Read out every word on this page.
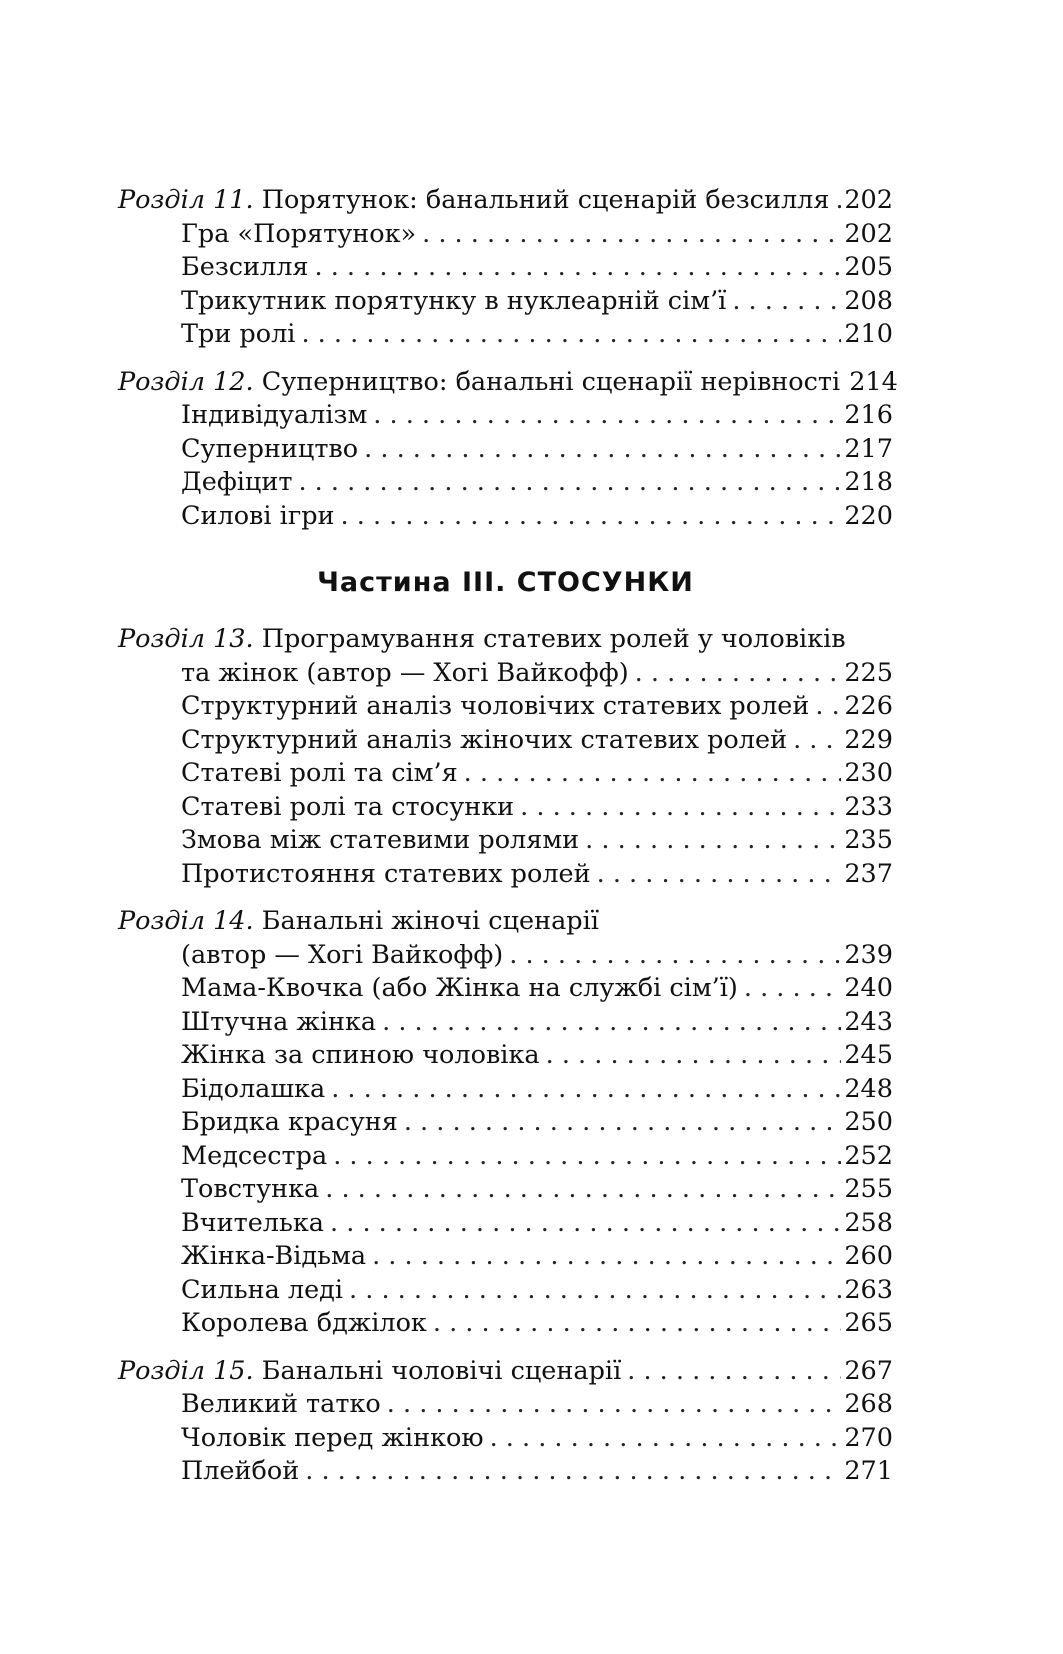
Розділ 11. Порятунок: банальний сценарій безсилля . . . 202
Гра «Порятунок» . . .	202
Безсилля . . .	205
Трикутник порятунку в нуклеарній сім’ї . . .	208
Три ролі . . .	210
Розділ 12. Суперництво: банальні сценарії нерівності 214
Індивідуалізм . . .	216
Суперництво . . .	217
Дефіцит . . .	218
Силові ігри . . .	220
Частина ІІІ. СТОСУНКИ
Розділ 13. Програмування статевих ролей у чоловіків
та жінок (автор — Хогі Вайкофф) . . .	225
Структурний аналіз чоловічих статевих ролей . . . 226
Структурний аналіз жіночих статевих ролей . . . 229
Статеві ролі та сім’я . . .	230
Статеві ролі та стосунки . . .	233
Змова між статевими ролями . . .	235
Протистояння статевих ролей . . .	237
Розділ 14. Банальні жіночі сценарії
(автор — Хогі Вайкофф) . . .	239
Мама-Квочка (або Жінка на службі сім’ї) . . .	240
Штучна жінка . . .	243
Жінка за спиною чоловіка . . .	245
Бідолашка . . .	248
Бридка красуня . . .	250
Медсестра . . .	252
Товстунка . . .	255
Вчителька . . .	258
Жінка-Відьма . . .	260
Сильна леді . . .	263
Королева бджілок . . .	265
Розділ 15. Банальні чоловічі сценарії . . .	267
Великий татко . . .	268
Чоловік перед жінкою . . .	270
Плейбой . . .	271
